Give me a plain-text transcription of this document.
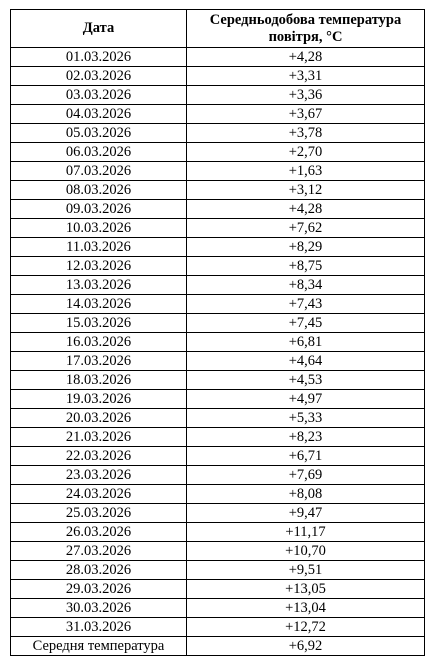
Дата	Середньодобова температура повітря, °С
01.03.2026	+4,28
02.03.2026	+3,31
03.03.2026	+3,36
04.03.2026	+3,67
05.03.2026	+3,78
06.03.2026	+2,70
07.03.2026	+1,63
08.03.2026	+3,12
09.03.2026	+4,28
10.03.2026	+7,62
11.03.2026	+8,29
12.03.2026	+8,75
13.03.2026	+8,34
14.03.2026	+7,43
15.03.2026	+7,45
16.03.2026	+6,81
17.03.2026	+4,64
18.03.2026	+4,53
19.03.2026	+4,97
20.03.2026	+5,33
21.03.2026	+8,23
22.03.2026	+6,71
23.03.2026	+7,69
24.03.2026	+8,08
25.03.2026	+9,47
26.03.2026	+11,17
27.03.2026	+10,70
28.03.2026	+9,51
29.03.2026	+13,05
30.03.2026	+13,04
31.03.2026	+12,72
Середня температура	+6,92
